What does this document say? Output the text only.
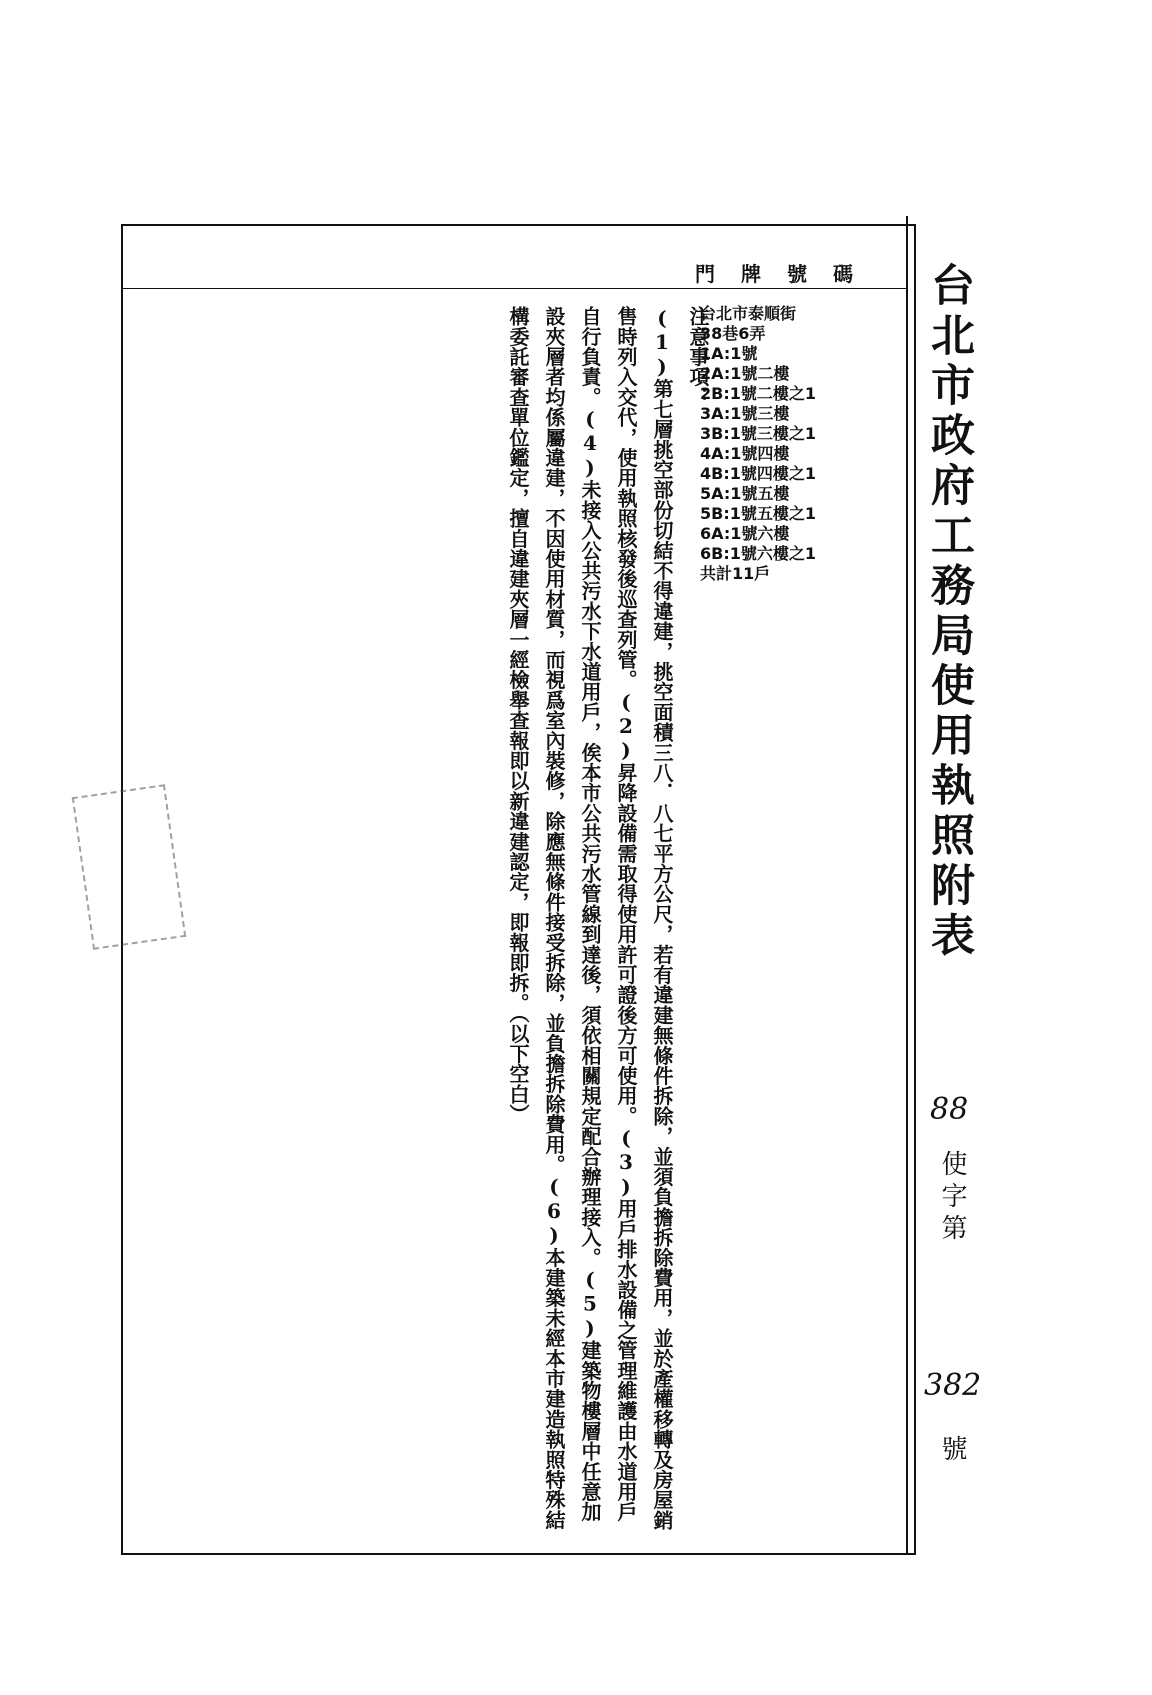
台北市政府工務局使用執照附表
88
使字第
382
號
門牌號碼
台北市泰順街
38巷6弄
1A:1號
2A:1號二樓
2B:1號二樓之1
3A:1號三樓
3B:1號三樓之1
4A:1號四樓
4B:1號四樓之1
5A:1號五樓
5B:1號五樓之1
6A:1號六樓
6B:1號六樓之1
共計11戶
注意事項：

(1)第七層挑空部份切結不得違建，挑空面積三八．八七平方公尺，若有違建無條件拆除，並須負擔拆除費用，並於產權移轉及房屋銷售時列入交代，使用執照核發後巡查列管。(2)昇降設備需取得使用許可證後方可使用。(3)用戶排水設備之管理維護由水道用戶自行負責。(4)未接入公共污水下水道用戶，俟本市公共污水管線到達後，須依相關規定配合辦理接入。(5)建築物樓層中任意加設夾層者均係屬違建，不因使用材質，而視爲室內裝修，除應無條件接受拆除，並負擔拆除費用。(6)本建築未經本市建造執照特殊結構委託審查單位鑑定，擅自違建夾層一經檢舉查報即以新違建認定，即報即拆。（以下空白）
